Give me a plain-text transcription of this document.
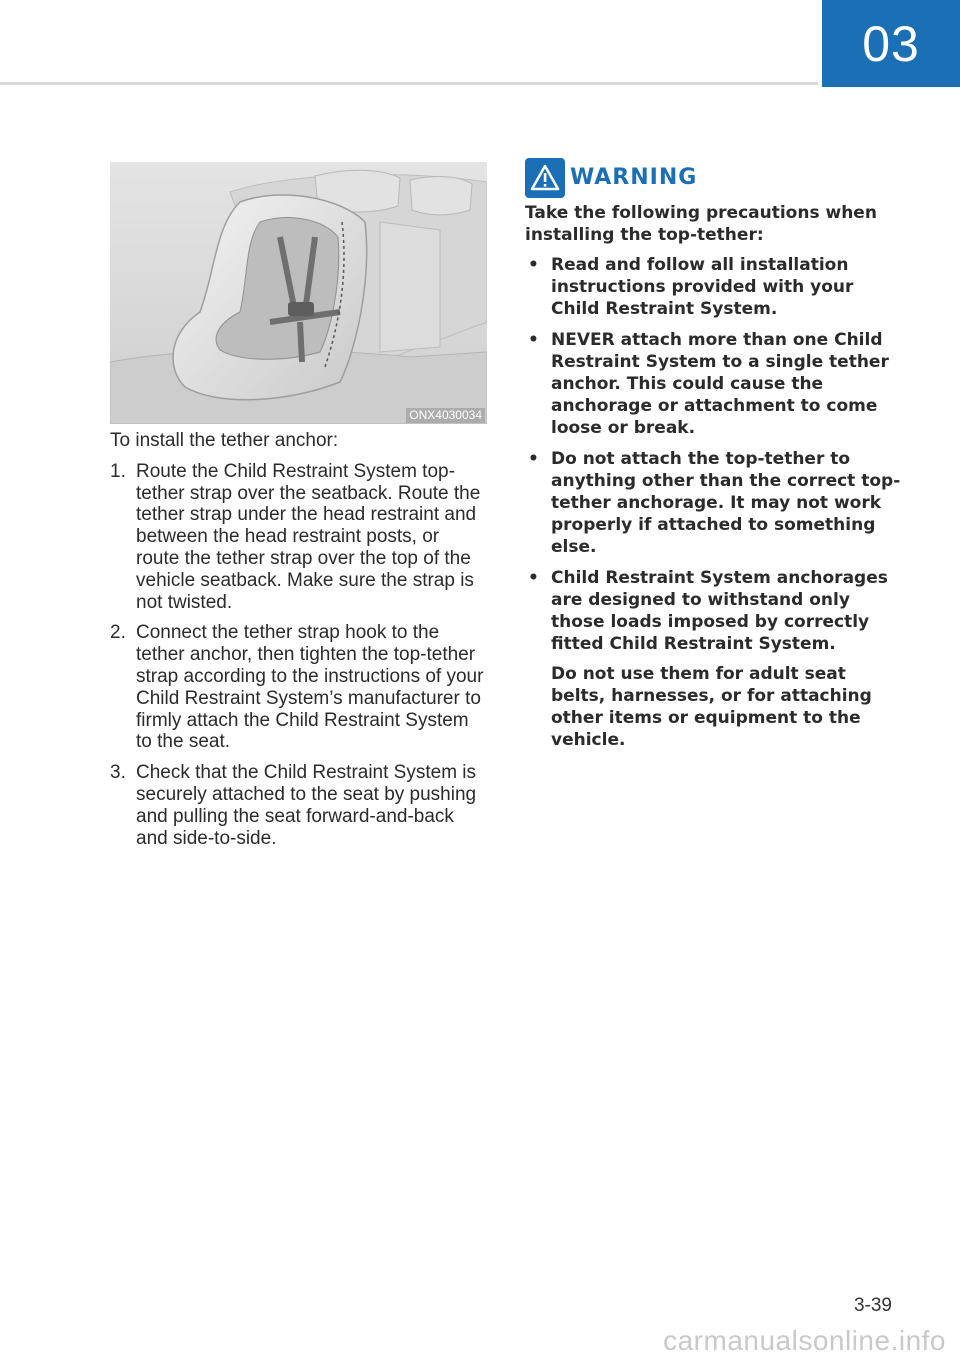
03
ONX4030034

To install the tether anchor:

1. Route the Child Restraint System top-tether strap over the seatback. Route the tether strap under the head restraint and between the head restraint posts, or route the tether strap over the top of the vehicle seatback. Make sure the strap is not twisted.
2. Connect the tether strap hook to the tether anchor, then tighten the top-tether strap according to the instructions of your Child Restraint System’s manufacturer to firmly attach the Child Restraint System to the seat.
3. Check that the Child Restraint System is securely attached to the seat by pushing and pulling the seat forward-and-back and side-to-side.
WARNING

Take the following precautions when installing the top-tether:

• Read and follow all installation instructions provided with your Child Restraint System.

• NEVER attach more than one Child Restraint System to a single tether anchor. This could cause the anchorage or attachment to come loose or break.

• Do not attach the top-tether to anything other than the correct top-tether anchorage. It may not work properly if attached to something else.

• Child Restraint System anchorages are designed to withstand only those loads imposed by correctly fitted Child Restraint System.

Do not use them for adult seat belts, harnesses, or for attaching other items or equipment to the vehicle.

3-39
carmanualsonline.info
